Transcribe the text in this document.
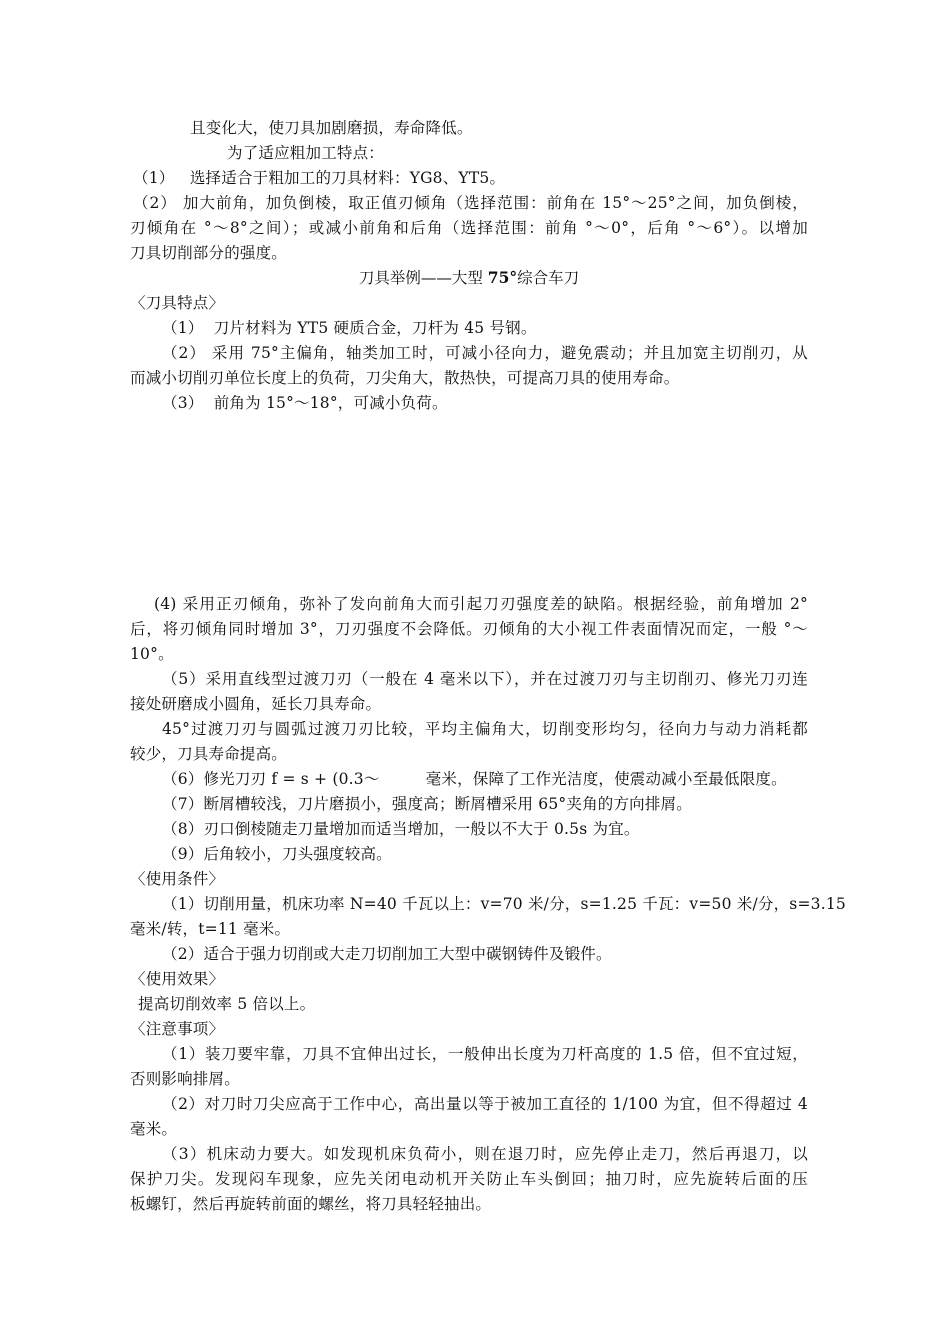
且变化大，使刀具加剧磨损，寿命降低。
为了适应粗加工特点：
（1）   选择适合于粗加工的刀具材料：YG8、YT5。
（2） 加大前角，加负倒棱，取正值刃倾角（选择范围：前角在 15°～25°之间，加负倒棱，
刃倾角在 °～8°之间）；或减小前角和后角（选择范围：前角 °～0°，后角 °～6°）。以增加
刀具切削部分的强度。
刀具举例——大型 75°综合车刀
〈刀具特点〉
（1）  刀片材料为 YT5 硬质合金，刀杆为 45 号钢。
（2） 采用 75°主偏角，轴类加工时，可减小径向力，避免震动；并且加宽主切削刃，从
而减小切削刃单位长度上的负荷，刀尖角大，散热快，可提高刀具的使用寿命。
（3）  前角为 15°～18°，可减小负荷。
(4) 采用正刃倾角，弥补了发向前角大而引起刀刃强度差的缺陷。根据经验，前角增加 2°
后，将刃倾角同时增加 3°，刀刃强度不会降低。刃倾角的大小视工件表面情况而定，一般 °～
10°。
（5）采用直线型过渡刀刃（一般在 4 毫米以下），并在过渡刀刃与主切削刃、修光刀刃连
接处研磨成小圆角，延长刀具寿命。
45°过渡刀刃与圆弧过渡刀刃比较，平均主偏角大，切削变形均匀，径向力与动力消耗都
较少，刀具寿命提高。
（6）修光刀刃 f = s + (0.3～         毫米，保障了工作光洁度，使震动减小至最低限度。
（7）断屑槽较浅，刀片磨损小，强度高；断屑槽采用 65°夹角的方向排屑。
（8）刃口倒棱随走刀量增加而适当增加，一般以不大于 0.5s 为宜。
（9）后角较小，刀头强度较高。
〈使用条件〉
（1）切削用量，机床功率 N=40 千瓦以上：v=70 米/分，s=1.25 千瓦：v=50 米/分，s=3.15
毫米/转，t=11 毫米。
（2）适合于强力切削或大走刀切削加工大型中碳钢铸件及锻件。
〈使用效果〉
提高切削效率 5 倍以上。
〈注意事项〉
（1）装刀要牢靠，刀具不宜伸出过长，一般伸出长度为刀杆高度的 1.5 倍，但不宜过短，
否则影响排屑。
（2）对刀时刀尖应高于工作中心，高出量以等于被加工直径的 1/100 为宜，但不得超过 4
毫米。
（3）机床动力要大。如发现机床负荷小，则在退刀时，应先停止走刀，然后再退刀，以
保护刀尖。发现闷车现象，应先关闭电动机开关防止车头倒回；抽刀时，应先旋转后面的压
板螺钉，然后再旋转前面的螺丝，将刀具轻轻抽出。
